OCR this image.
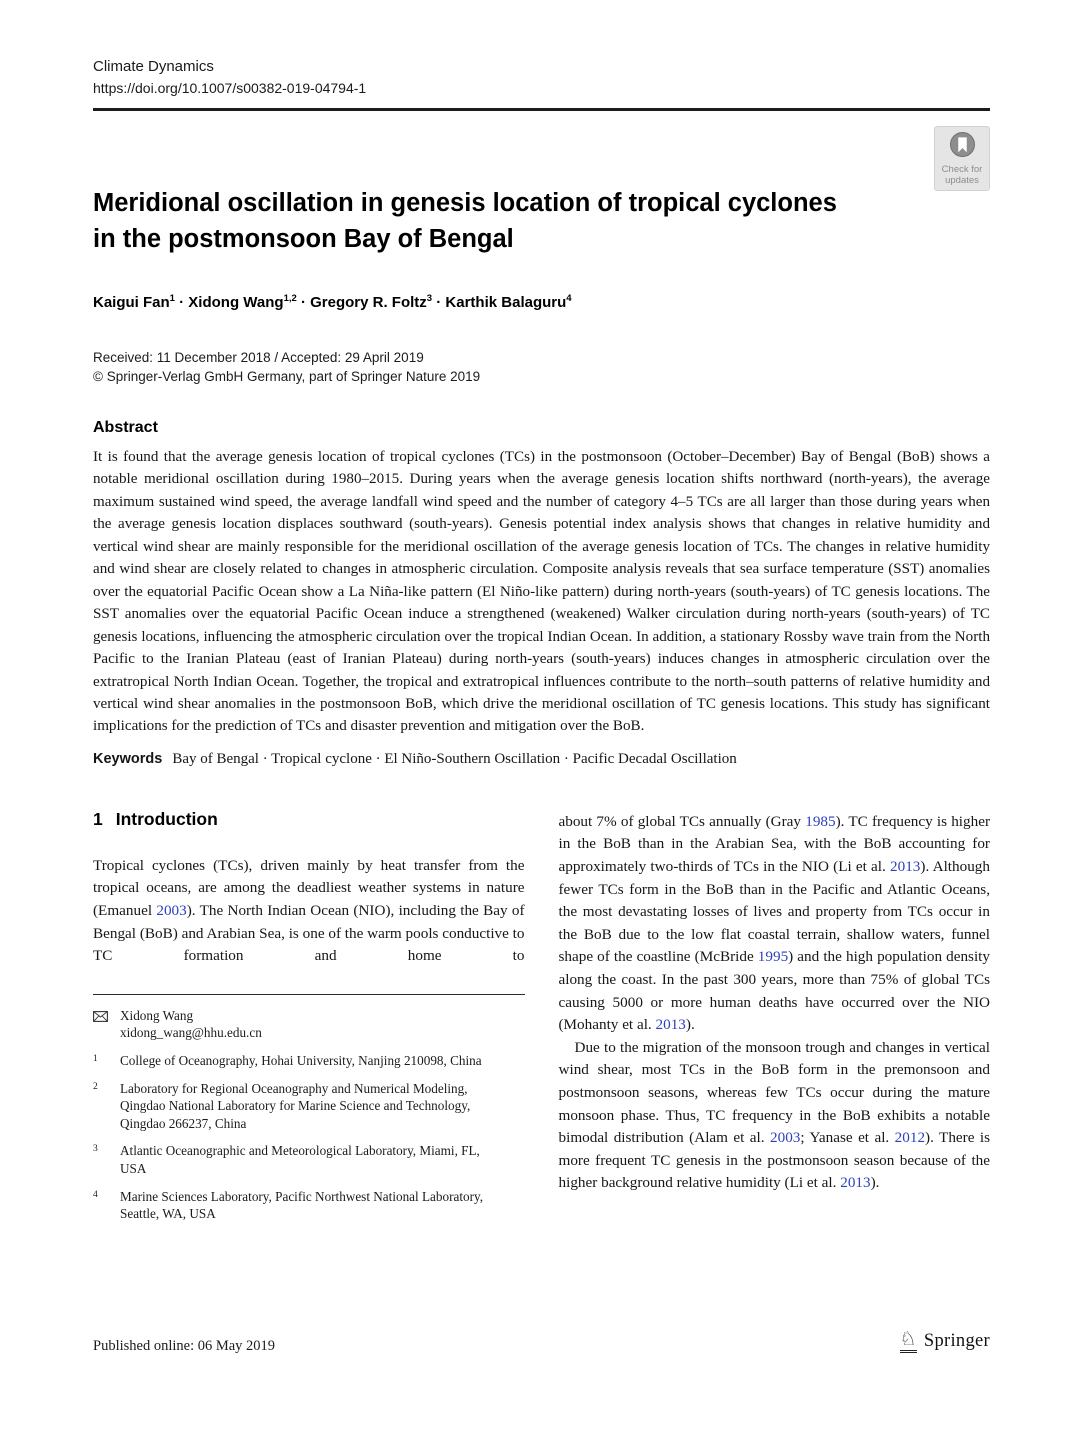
Climate Dynamics
https://doi.org/10.1007/s00382-019-04794-1
Check for
updates
Meridional oscillation in genesis location of tropical cyclones
in the postmonsoon Bay of Bengal
Kaigui Fan$^1$ · Xidong Wang$^{1,2}$ · Gregory R. Foltz$^3$ · Karthik Balaguru$^4$
Received: 11 December 2018 / Accepted: 29 April 2019
© Springer-Verlag GmbH Germany, part of Springer Nature 2019
Abstract

It is found that the average genesis location of tropical cyclones (TCs) in the postmonsoon (October–December) Bay of Bengal (BoB) shows a notable meridional oscillation during 1980–2015. During years when the average genesis location shifts northward (north-years), the average maximum sustained wind speed, the average landfall wind speed and the number of category 4–5 TCs are all larger than those during years when the average genesis location displaces southward (south-years). Genesis potential index analysis shows that changes in relative humidity and vertical wind shear are mainly responsible for the meridional oscillation of the average genesis location of TCs. The changes in relative humidity and wind shear are closely related to changes in atmospheric circulation. Composite analysis reveals that sea surface temperature (SST) anomalies over the equatorial Pacific Ocean show a La Niña-like pattern (El Niño-like pattern) during north-years (south-years) of TC genesis locations. The SST anomalies over the equatorial Pacific Ocean induce a strengthened (weakened) Walker circulation during north-years (south-years) of TC genesis locations, influencing the atmospheric circulation over the tropical Indian Ocean. In addition, a stationary Rossby wave train from the North Pacific to the Iranian Plateau (east of Iranian Plateau) during north-years (south-years) induces changes in atmospheric circulation over the extratropical North Indian Ocean. Together, the tropical and extratropical influences contribute to the north–south patterns of relative humidity and vertical wind shear anomalies in the postmonsoon BoB, which drive the meridional oscillation of TC genesis locations. This study has significant implications for the prediction of TCs and disaster prevention and mitigation over the BoB.

Keywords Bay of Bengal · Tropical cyclone · El Niño-Southern Oscillation · Pacific Decadal Oscillation
1 Introduction

Tropical cyclones (TCs), driven mainly by heat transfer from the tropical oceans, are among the deadliest weather systems in nature (Emanuel 2003). The North Indian Ocean (NIO), including the Bay of Bengal (BoB) and Arabian Sea, is one of the warm pools conductive to TC formation and home to

Xidong Wang
xidong_wang@hhu.edu.cn
1	College of Oceanography, Hohai University, Nanjing 210098, China
2	Laboratory for Regional Oceanography and Numerical Modeling, Qingdao National Laboratory for Marine Science and Technology, Qingdao 266237, China
3	Atlantic Oceanographic and Meteorological Laboratory, Miami, FL, USA
4	Marine Sciences Laboratory, Pacific Northwest National Laboratory, Seattle, WA, USA

about 7% of global TCs annually (Gray 1985). TC frequency is higher in the BoB than in the Arabian Sea, with the BoB accounting for approximately two-thirds of TCs in the NIO (Li et al. 2013). Although fewer TCs form in the BoB than in the Pacific and Atlantic Oceans, the most devastating losses of lives and property from TCs occur in the BoB due to the low flat coastal terrain, shallow waters, funnel shape of the coastline (McBride 1995) and the high population density along the coast. In the past 300 years, more than 75% of global TCs causing 5000 or more human deaths have occurred over the NIO (Mohanty et al. 2013).

Due to the migration of the monsoon trough and changes in vertical wind shear, most TCs in the BoB form in the premonsoon and postmonsoon seasons, whereas few TCs occur during the mature monsoon phase. Thus, TC frequency in the BoB exhibits a notable bimodal distribution (Alam et al. 2003; Yanase et al. 2012). There is more frequent TC genesis in the postmonsoon season because of the higher background relative humidity (Li et al. 2013).

Published online: 06 May 2019	♘ Springer
